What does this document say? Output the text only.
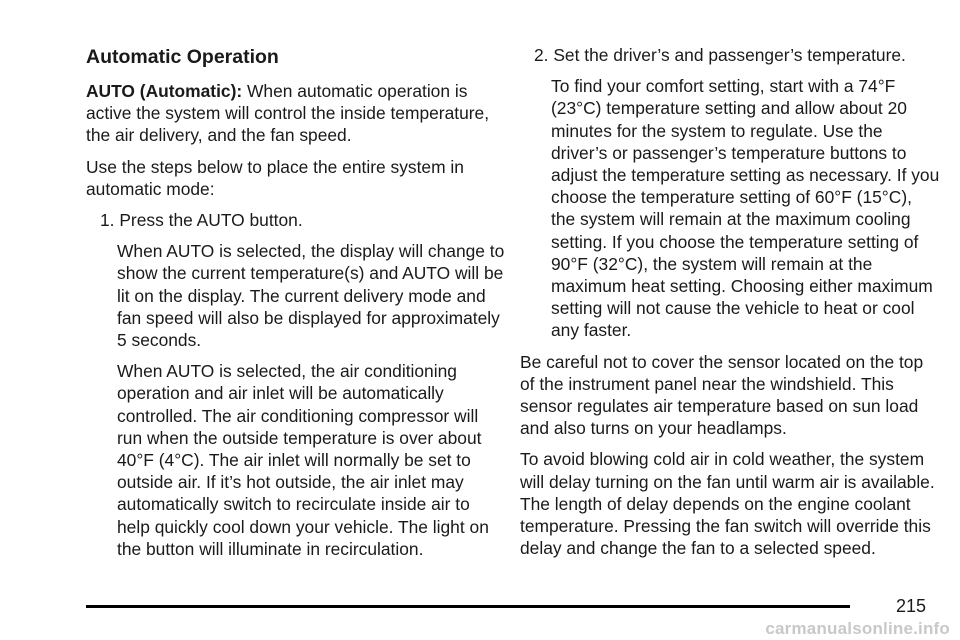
Automatic Operation

AUTO (Automatic): When automatic operation is active the system will control the inside temperature, the air delivery, and the fan speed.

Use the steps below to place the entire system in automatic mode:

1. Press the AUTO button.

When AUTO is selected, the display will change to show the current temperature(s) and AUTO will be lit on the display. The current delivery mode and fan speed will also be displayed for approximately 5 seconds.

When AUTO is selected, the air conditioning operation and air inlet will be automatically controlled. The air conditioning compressor will run when the outside temperature is over about 40°F (4°C). The air inlet will normally be set to outside air. If it’s hot outside, the air inlet may automatically switch to recirculate inside air to help quickly cool down your vehicle. The light on the button will illuminate in recirculation.

2. Set the driver’s and passenger’s temperature.

To find your comfort setting, start with a 74°F (23°C) temperature setting and allow about 20 minutes for the system to regulate. Use the driver’s or passenger’s temperature buttons to adjust the temperature setting as necessary. If you choose the temperature setting of 60°F (15°C), the system will remain at the maximum cooling setting. If you choose the temperature setting of 90°F (32°C), the system will remain at the maximum heat setting. Choosing either maximum setting will not cause the vehicle to heat or cool any faster.

Be careful not to cover the sensor located on the top of the instrument panel near the windshield. This sensor regulates air temperature based on sun load and also turns on your headlamps.

To avoid blowing cold air in cold weather, the system will delay turning on the fan until warm air is available. The length of delay depends on the engine coolant temperature. Pressing the fan switch will override this delay and change the fan to a selected speed.

215
carmanualsonline.info
